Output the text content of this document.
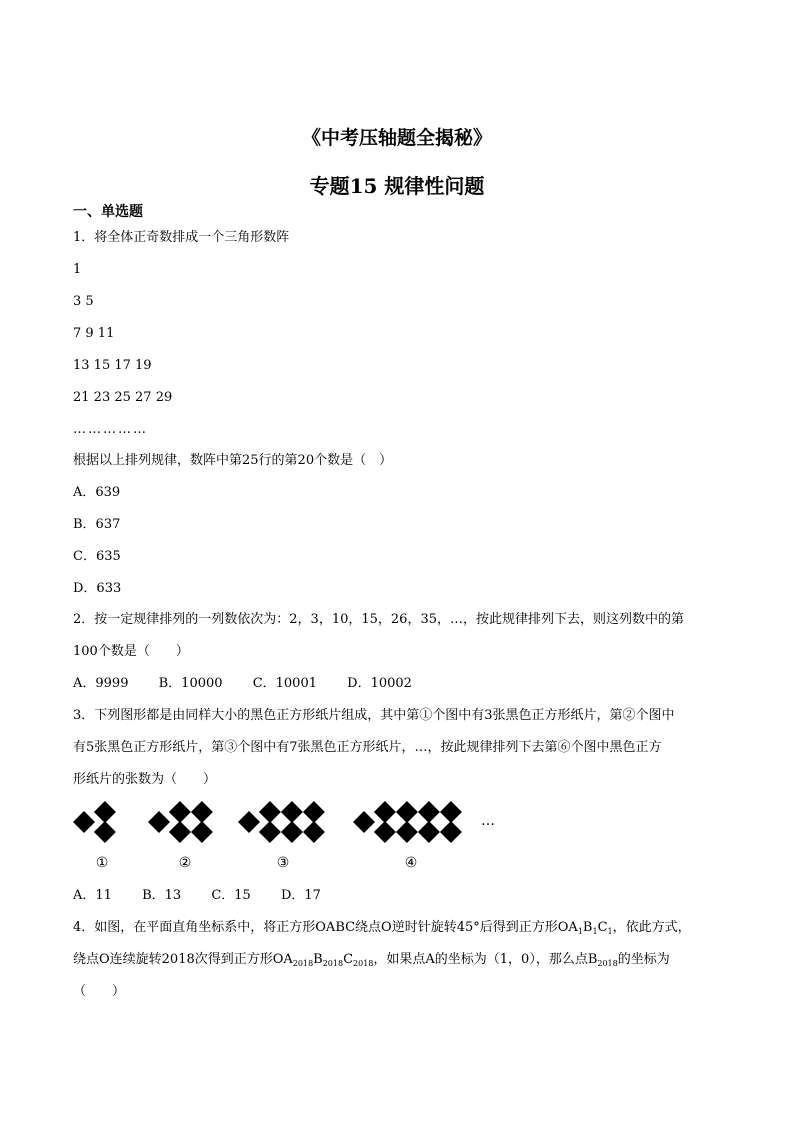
《中考压轴题全揭秘》
专题15 规律性问题
一、单选题
1．将全体正奇数排成一个三角形数阵
1
3 5
7 9 11
13 15 17 19
21 23 25 27 29
……………
根据以上排列规律，数阵中第25行的第20个数是（　）
A．639
B．637
C．635
D．633
2．按一定规律排列的一列数依次为：2，3，10，15，26，35，…，按此规律排列下去，则这列数中的第
100个数是（　　）
A．9999 B．10000 C．10001 D．10002
3．下列图形都是由同样大小的黑色正方形纸片组成，其中第①个图中有3张黑色正方形纸片，第②个图中
有5张黑色正方形纸片，第③个图中有7张黑色正方形纸片，…，按此规律排列下去第⑥个图中黑色正方
形纸片的张数为（　　）
①	②	③	④
…
A．11 B．13 C．15 D．17
4．如图，在平面直角坐标系中，将正方形OABC绕点O逆时针旋转45°后得到正方形$OA_1B_1C_1$，依此方式，
绕点O连续旋转2018次得到正方形$OA_{2018}B_{2018}C_{2018}$，如果点A的坐标为（1，0），那么点$B_{2018}$的坐标为
（　　）
